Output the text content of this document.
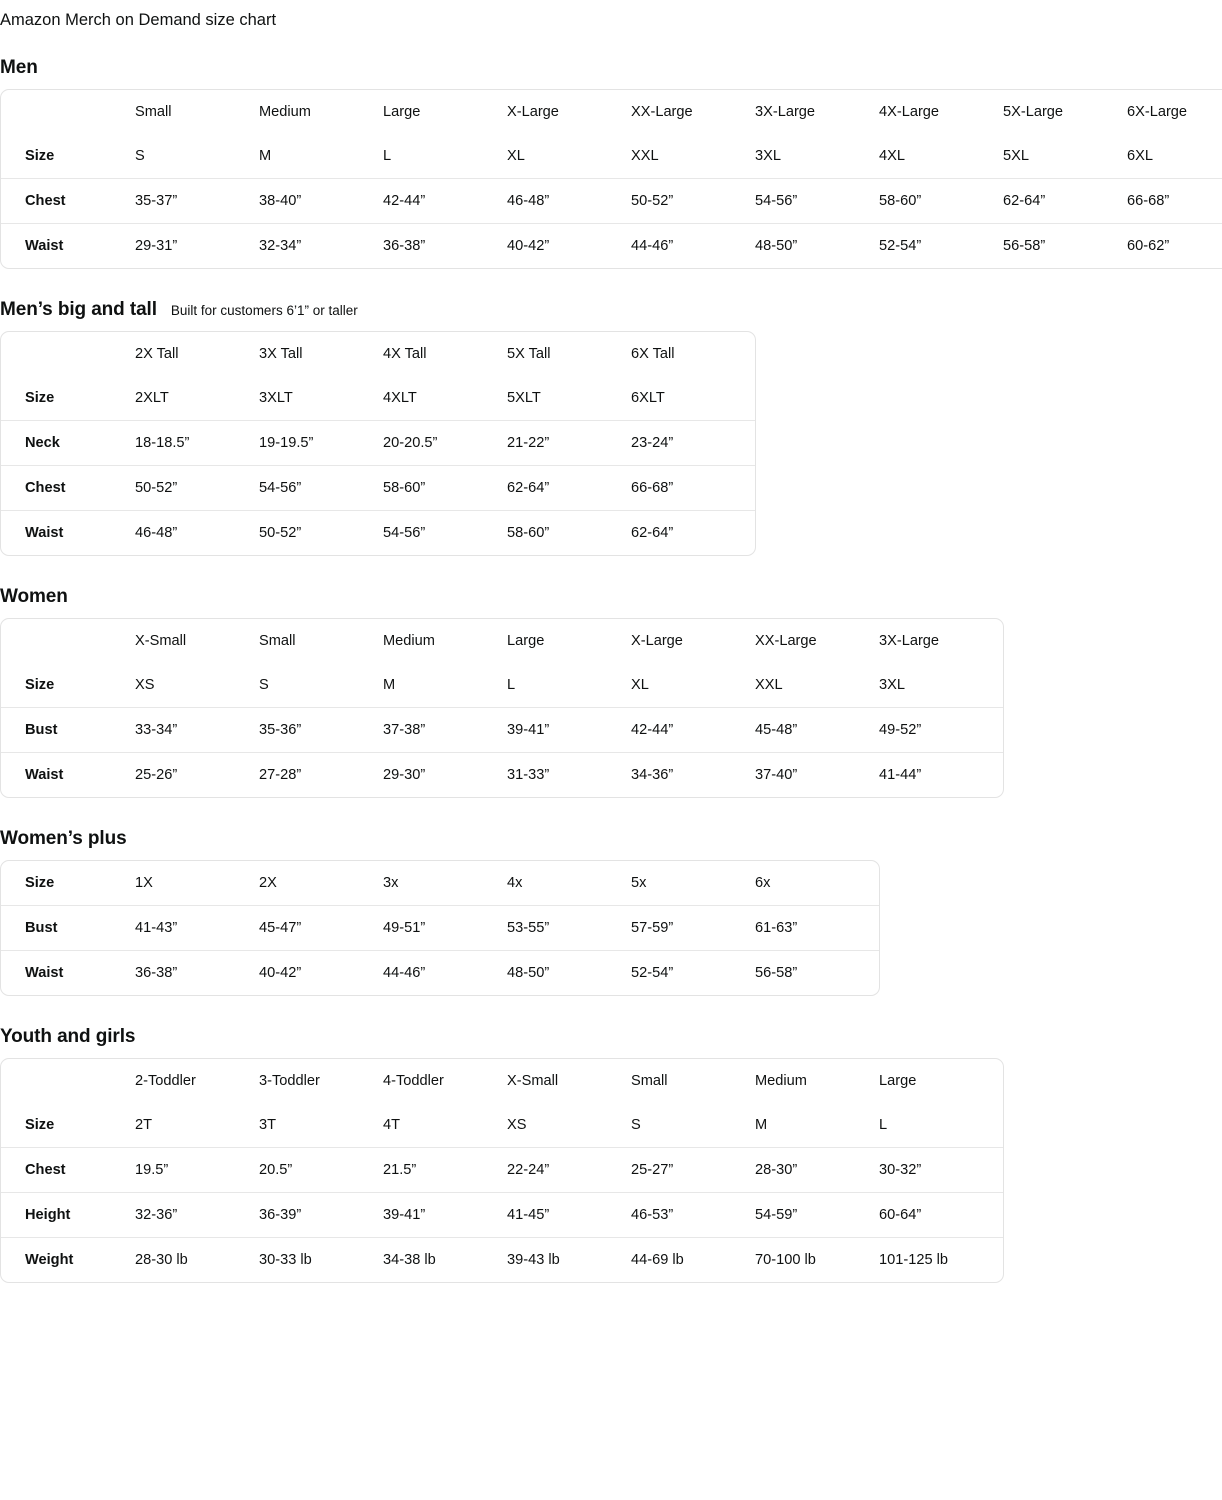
Amazon Merch on Demand size chart
Men
	Small	Medium	Large	X-Large	XX-Large	3X-Large	4X-Large	5X-Large	6X-Large
Size	S	M	L	XL	XXL	3XL	4XL	5XL	6XL
Chest	35-37”	38-40”	42-44”	46-48”	50-52”	54-56”	58-60”	62-64”	66-68”
Waist	29-31”	32-34”	36-38”	40-42”	44-46”	48-50”	52-54”	56-58”	60-62”
Men’s big and tall Built for customers 6’1” or taller
	2X Tall	3X Tall	4X Tall	5X Tall	6X Tall
Size	2XLT	3XLT	4XLT	5XLT	6XLT
Neck	18-18.5”	19-19.5”	20-20.5”	21-22”	23-24”
Chest	50-52”	54-56”	58-60”	62-64”	66-68”
Waist	46-48”	50-52”	54-56”	58-60”	62-64”
Women
	X-Small	Small	Medium	Large	X-Large	XX-Large	3X-Large
Size	XS	S	M	L	XL	XXL	3XL
Bust	33-34”	35-36”	37-38”	39-41”	42-44”	45-48”	49-52”
Waist	25-26”	27-28”	29-30”	31-33”	34-36”	37-40”	41-44”
Women’s plus
Size	1X	2X	3x	4x	5x	6x
Bust	41-43”	45-47”	49-51”	53-55”	57-59”	61-63”
Waist	36-38”	40-42”	44-46”	48-50”	52-54”	56-58”
Youth and girls
	2-Toddler	3-Toddler	4-Toddler	X-Small	Small	Medium	Large
Size	2T	3T	4T	XS	S	M	L
Chest	19.5”	20.5”	21.5”	22-24”	25-27”	28-30”	30-32”
Height	32-36”	36-39”	39-41”	41-45”	46-53”	54-59”	60-64”
Weight	28-30 lb	30-33 lb	34-38 lb	39-43 lb	44-69 lb	70-100 lb	101-125 lb
